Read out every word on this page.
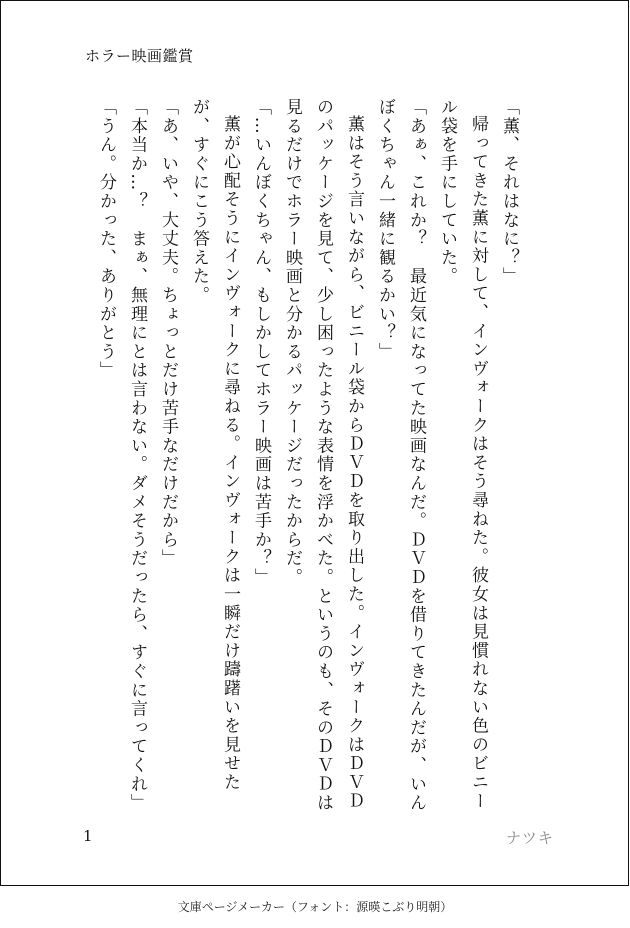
ホラー映画鑑賞

「薫、それはなに？」

帰ってきた薫に対して、インヴォークはそう尋ねた。彼女は見慣れない色のビニール袋を手にしていた。

「あぁ、これか？　最近気になってた映画なんだ。ＤＶＤを借りてきたんだが、いんぼくちゃん一緒に観るかい？」

薫はそう言いながら、ビニール袋からＤＶＤを取り出した。インヴォークはＤＶＤのパッケージを見て、少し困ったような表情を浮かべた。というのも、そのＤＶＤは見るだけでホラー映画と分かるパッケージだったからだ。

「…いんぼくちゃん、もしかしてホラー映画は苦手か？」

薫が心配そうにインヴォークに尋ねる。インヴォークは一瞬だけ躊躇いを見せたが、すぐにこう答えた。

「あ、いや、大丈夫。ちょっとだけ苦手なだけだから」

「本当か…？　まぁ、無理にとは言わない。ダメそうだったら、すぐに言ってくれ」

「うん。分かった、ありがとう」

1	ナツキ
文庫ページメーカー（フォント：源暎こぶり明朝）
